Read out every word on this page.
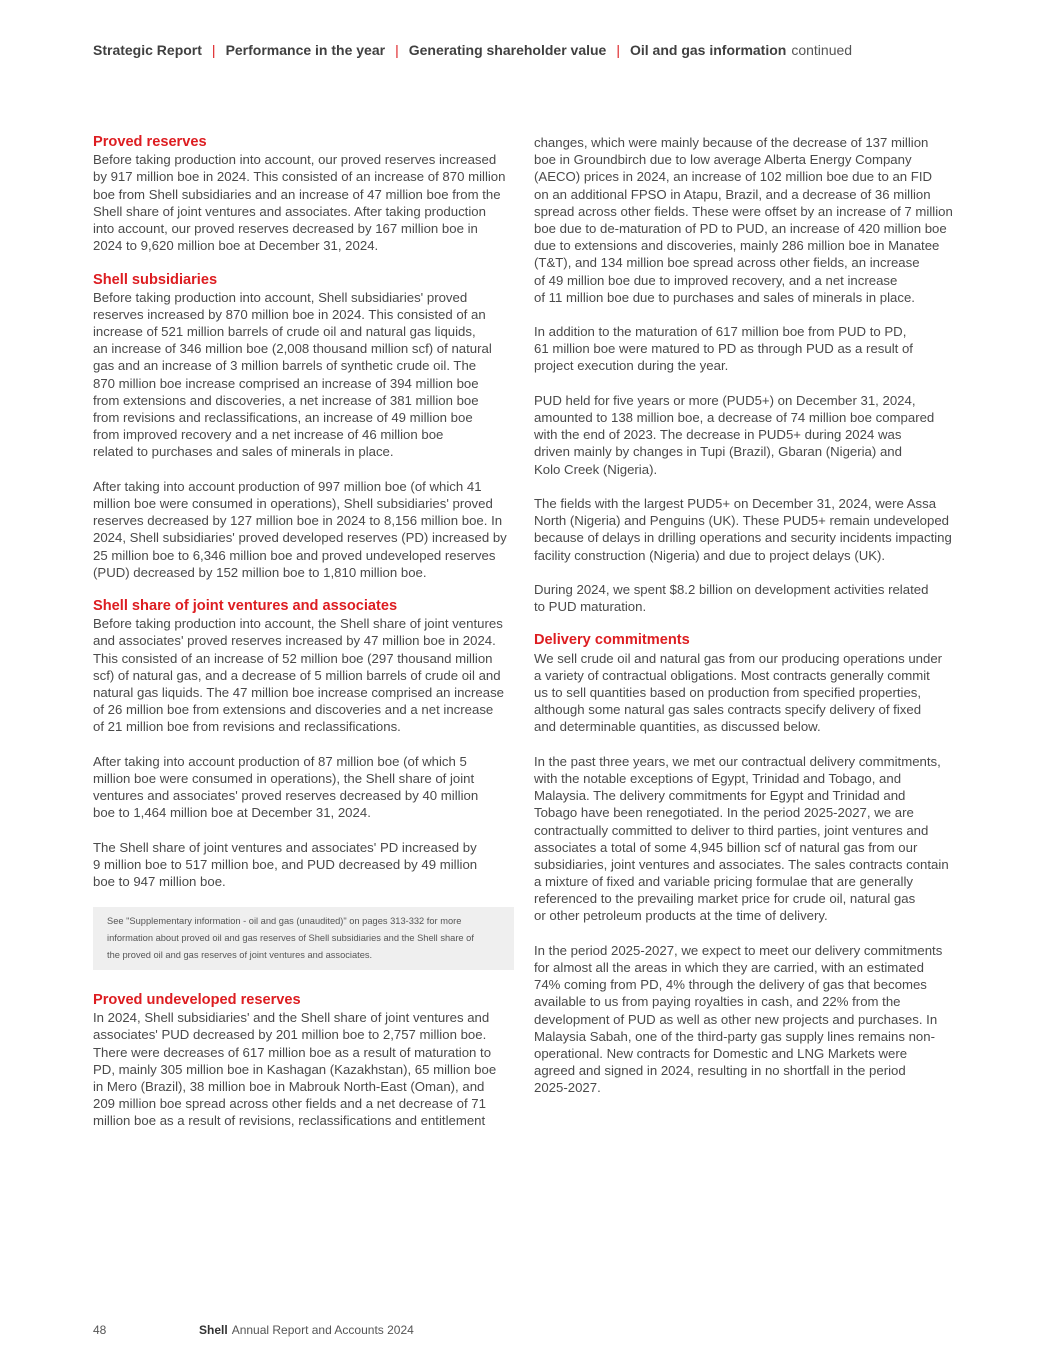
Strategic Report | Performance in the year | Generating shareholder value | Oil and gas information continued
Proved reserves

Before taking production into account, our proved reserves increased
by 917 million boe in 2024. This consisted of an increase of 870 million
boe from Shell subsidiaries and an increase of 47 million boe from the
Shell share of joint ventures and associates. After taking production
into account, our proved reserves decreased by 167 million boe in
2024 to 9,620 million boe at December 31, 2024.

Shell subsidiaries

Before taking production into account, Shell subsidiaries' proved
reserves increased by 870 million boe in 2024. This consisted of an
increase of 521 million barrels of crude oil and natural gas liquids,
an increase of 346 million boe (2,008 thousand million scf) of natural
gas and an increase of 3 million barrels of synthetic crude oil. The
870 million boe increase comprised an increase of 394 million boe
from extensions and discoveries, a net increase of 381 million boe
from revisions and reclassifications, an increase of 49 million boe
from improved recovery and a net increase of 46 million boe
related to purchases and sales of minerals in place.

After taking into account production of 997 million boe (of which 41
million boe were consumed in operations), Shell subsidiaries' proved
reserves decreased by 127 million boe in 2024 to 8,156 million boe. In
2024, Shell subsidiaries' proved developed reserves (PD) increased by
25 million boe to 6,346 million boe and proved undeveloped reserves
(PUD) decreased by 152 million boe to 1,810 million boe.

Shell share of joint ventures and associates

Before taking production into account, the Shell share of joint ventures
and associates' proved reserves increased by 47 million boe in 2024.
This consisted of an increase of 52 million boe (297 thousand million
scf) of natural gas, and a decrease of 5 million barrels of crude oil and
natural gas liquids. The 47 million boe increase comprised an increase
of 26 million boe from extensions and discoveries and a net increase
of 21 million boe from revisions and reclassifications.

After taking into account production of 87 million boe (of which 5
million boe were consumed in operations), the Shell share of joint
ventures and associates' proved reserves decreased by 40 million
boe to 1,464 million boe at December 31, 2024.

The Shell share of joint ventures and associates' PD increased by
9 million boe to 517 million boe, and PUD decreased by 49 million
boe to 947 million boe.

See "Supplementary information - oil and gas (unaudited)" on pages 313-332 for more
information about proved oil and gas reserves of Shell subsidiaries and the Shell share of
the proved oil and gas reserves of joint ventures and associates.
Proved undeveloped reserves

In 2024, Shell subsidiaries' and the Shell share of joint ventures and
associates' PUD decreased by 201 million boe to 2,757 million boe.
There were decreases of 617 million boe as a result of maturation to
PD, mainly 305 million boe in Kashagan (Kazakhstan), 65 million boe
in Mero (Brazil), 38 million boe in Mabrouk North-East (Oman), and
209 million boe spread across other fields and a net decrease of 71
million boe as a result of revisions, reclassifications and entitlement

changes, which were mainly because of the decrease of 137 million
boe in Groundbirch due to low average Alberta Energy Company
(AECO) prices in 2024, an increase of 102 million boe due to an FID
on an additional FPSO in Atapu, Brazil, and a decrease of 36 million
spread across other fields. These were offset by an increase of 7 million
boe due to de-maturation of PD to PUD, an increase of 420 million boe
due to extensions and discoveries, mainly 286 million boe in Manatee
(T&T), and 134 million boe spread across other fields, an increase
of 49 million boe due to improved recovery, and a net increase
of 11 million boe due to purchases and sales of minerals in place.

In addition to the maturation of 617 million boe from PUD to PD,
61 million boe were matured to PD as through PUD as a result of
project execution during the year.

PUD held for five years or more (PUD5+) on December 31, 2024,
amounted to 138 million boe, a decrease of 74 million boe compared
with the end of 2023. The decrease in PUD5+ during 2024 was
driven mainly by changes in Tupi (Brazil), Gbaran (Nigeria) and
Kolo Creek (Nigeria).

The fields with the largest PUD5+ on December 31, 2024, were Assa
North (Nigeria) and Penguins (UK). These PUD5+ remain undeveloped
because of delays in drilling operations and security incidents impacting
facility construction (Nigeria) and due to project delays (UK).

During 2024, we spent $8.2 billion on development activities related
to PUD maturation.

Delivery commitments

We sell crude oil and natural gas from our producing operations under
a variety of contractual obligations. Most contracts generally commit
us to sell quantities based on production from specified properties,
although some natural gas sales contracts specify delivery of fixed
and determinable quantities, as discussed below.

In the past three years, we met our contractual delivery commitments,
with the notable exceptions of Egypt, Trinidad and Tobago, and
Malaysia. The delivery commitments for Egypt and Trinidad and
Tobago have been renegotiated. In the period 2025-2027, we are
contractually committed to deliver to third parties, joint ventures and
associates a total of some 4,945 billion scf of natural gas from our
subsidiaries, joint ventures and associates. The sales contracts contain
a mixture of fixed and variable pricing formulae that are generally
referenced to the prevailing market price for crude oil, natural gas
or other petroleum products at the time of delivery.

In the period 2025-2027, we expect to meet our delivery commitments
for almost all the areas in which they are carried, with an estimated
74% coming from PD, 4% through the delivery of gas that becomes
available to us from paying royalties in cash, and 22% from the
development of PUD as well as other new projects and purchases. In
Malaysia Sabah, one of the third-party gas supply lines remains non-
operational. New contracts for Domestic and LNG Markets were
agreed and signed in 2024, resulting in no shortfall in the period
2025-2027.

48	Shell Annual Report and Accounts 2024
